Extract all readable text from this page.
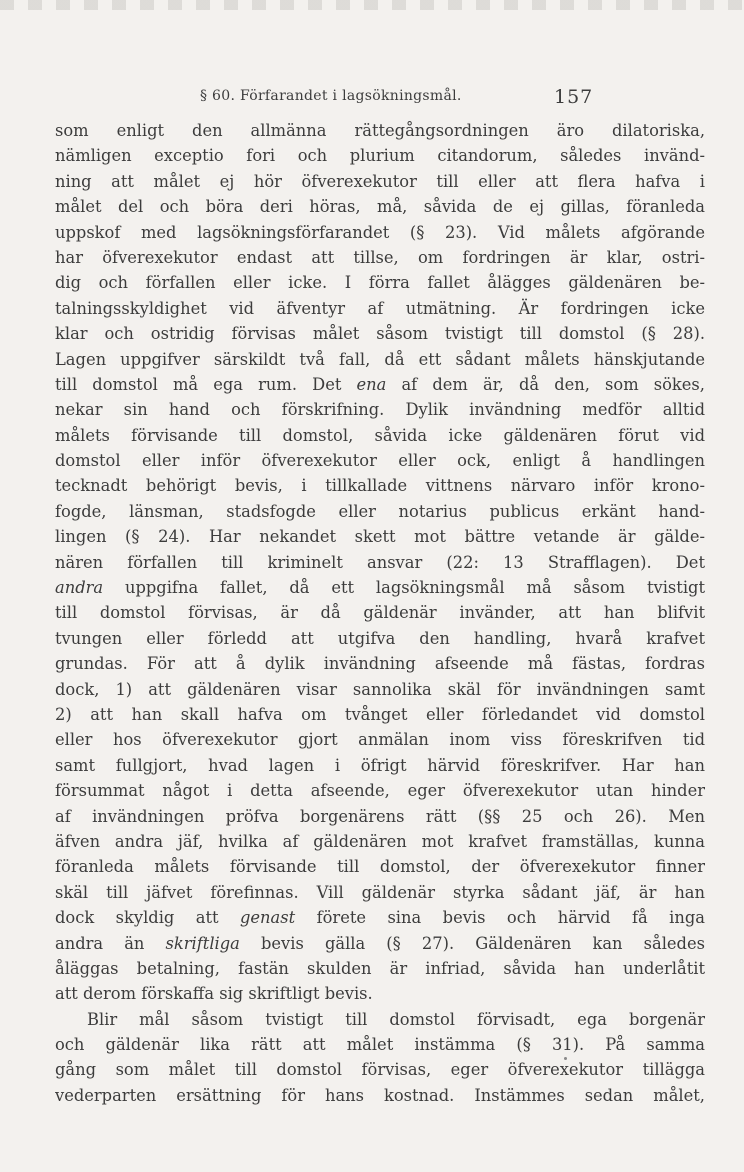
§ 60. Förfarandet i lagsökningsmål.	157
som enligt den allmänna rättegångsordningen äro dilatoriska,
nämligen exceptio fori och plurium citandorum, således invänd-
ning att målet ej hör öfverexekutor till eller att flera hafva i
målet del och böra deri höras, må, såvida de ej gillas, föranleda
uppskof med lagsökningsförfarandet (§ 23). Vid målets afgörande
har öfverexekutor endast att tillse, om fordringen är klar, ostri-
dig och förfallen eller icke. I förra fallet ålägges gäldenären be-
talningsskyldighet vid äfventyr af utmätning. Är fordringen icke
klar och ostridig förvisas målet såsom tvistigt till domstol (§ 28).
Lagen uppgifver särskildt två fall, då ett sådant målets hänskjutande
till domstol må ega rum. Det ena af dem är, då den, som sökes,
nekar sin hand och förskrifning. Dylik invändning medför alltid
målets förvisande till domstol, såvida icke gäldenären förut vid
domstol eller inför öfverexekutor eller ock, enligt å handlingen
tecknadt behörigt bevis, i tillkallade vittnens närvaro inför krono-
fogde, länsman, stadsfogde eller notarius publicus erkänt hand-
lingen (§ 24). Har nekandet skett mot bättre vetande är gälde-
nären förfallen till kriminelt ansvar (22: 13 Strafflagen). Det
andra uppgifna fallet, då ett lagsökningsmål må såsom tvistigt
till domstol förvisas, är då gäldenär invänder, att han blifvit
tvungen eller förledd att utgifva den handling, hvarå krafvet
grundas. För att å dylik invändning afseende må fästas, fordras
dock, 1) att gäldenären visar sannolika skäl för invändningen samt
2) att han skall hafva om tvånget eller förledandet vid domstol
eller hos öfverexekutor gjort anmälan inom viss föreskrifven tid
samt fullgjort, hvad lagen i öfrigt härvid föreskrifver. Har han
försummat något i detta afseende, eger öfverexekutor utan hinder
af invändningen pröfva borgenärens rätt (§§ 25 och 26). Men
äfven andra jäf, hvilka af gäldenären mot krafvet framställas, kunna
föranleda målets förvisande till domstol, der öfverexekutor finner
skäl till jäfvet förefinnas. Vill gäldenär styrka sådant jäf, är han
dock skyldig att genast förete sina bevis och härvid få inga
andra än skriftliga bevis gälla (§ 27). Gäldenären kan således
åläggas betalning, fastän skulden är infriad, såvida han underlåtit
att derom förskaffa sig skriftligt bevis.
Blir mål såsom tvistigt till domstol förvisadt, ega borgenär
och gäldenär lika rätt att målet instämma (§ 31). På samma
gång som målet till domstol förvisas, eger öfverexekutor tillägga
vederparten ersättning för hans kostnad. Instämmes sedan målet,
